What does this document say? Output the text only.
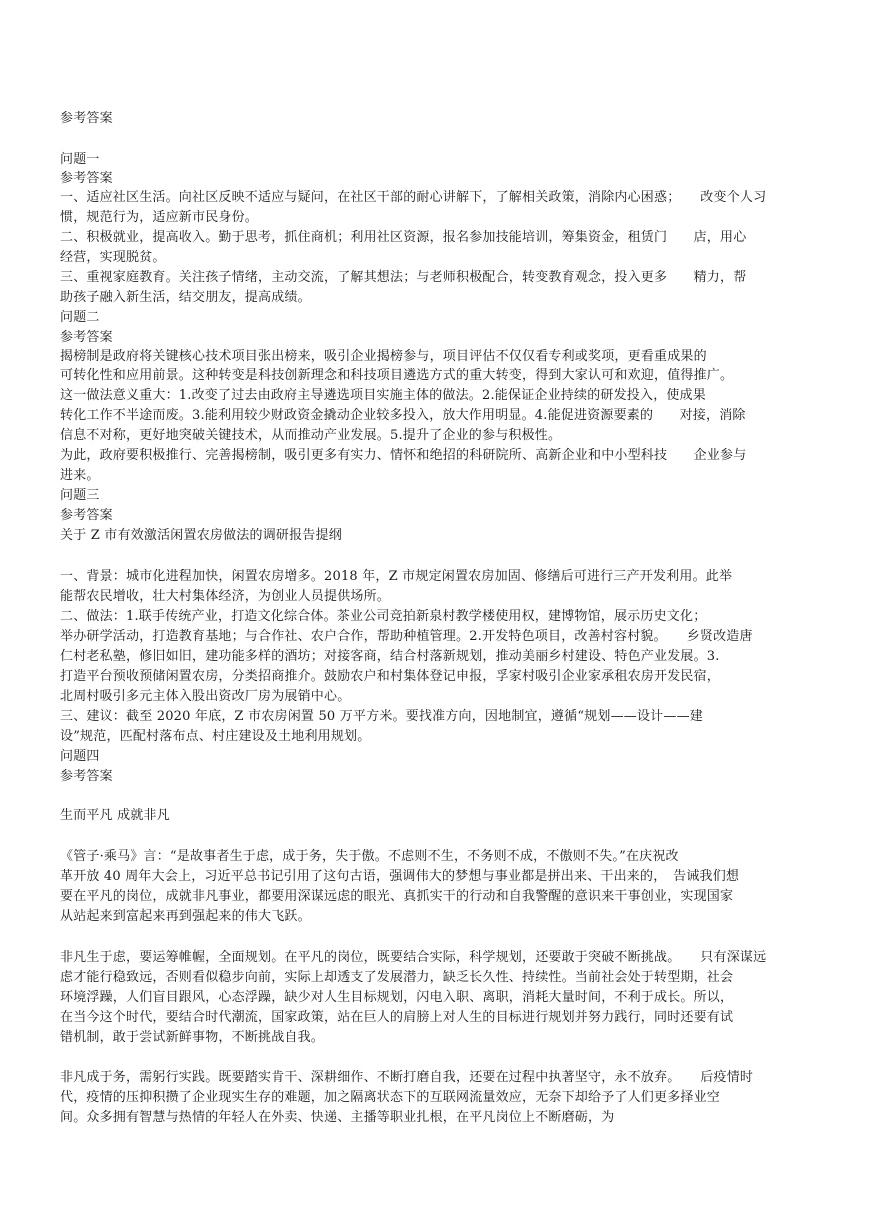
参考答案
问题一
参考答案
一、适应社区生活。向社区反映不适应与疑问，在社区干部的耐心讲解下，了解相关政策，消除内心困惑；　　改变个人习
惯，规范行为，适应新市民身份。
二、积极就业，提高收入。勤于思考，抓住商机；利用社区资源，报名参加技能培训，筹集资金，租赁门　　店，用心
经营，实现脱贫。
三、重视家庭教育。关注孩子情绪，主动交流，了解其想法；与老师积极配合，转变教育观念，投入更多　　精力，帮
助孩子融入新生活，结交朋友，提高成绩。
问题二
参考答案
揭榜制是政府将关键核心技术项目张出榜来，吸引企业揭榜参与，项目评估不仅仅看专利或奖项，更看重成果的
可转化性和应用前景。这种转变是科技创新理念和科技项目遴选方式的重大转变，得到大家认可和欢迎，值得推广。
这一做法意义重大：1.改变了过去由政府主导遴选项目实施主体的做法。2.能保证企业持续的研发投入，使成果
转化工作不半途而废。3.能利用较少财政资金撬动企业较多投入，放大作用明显。4.能促进资源要素的　　对接，消除
信息不对称，更好地突破关键技术，从而推动产业发展。5.提升了企业的参与积极性。
为此，政府要积极推行、完善揭榜制，吸引更多有实力、情怀和绝招的科研院所、高新企业和中小型科技　　企业参与
进来。
问题三
参考答案
关于 Z 市有效激活闲置农房做法的调研报告提纲
一、背景：城市化进程加快，闲置农房增多。2018 年，Z 市规定闲置农房加固、修缮后可进行三产开发利用。此举
能帮农民增收，壮大村集体经济，为创业人员提供场所。
二、做法：1.联手传统产业，打造文化综合体。茶业公司竞拍新泉村教学楼使用权，建博物馆，展示历史文化；
举办研学活动，打造教育基地；与合作社、农户合作，帮助种植管理。2.开发特色项目，改善村容村貌。　　乡贤改造唐
仁村老私塾，修旧如旧，建功能多样的酒坊；对接客商，结合村落新规划，推动美丽乡村建设、特色产业发展。3.
打造平台预收预储闲置农房，分类招商推介。鼓励农户和村集体登记申报，孚家村吸引企业家承租农房开发民宿，
北周村吸引多元主体入股出资改厂房为展销中心。
三、建议：截至 2020 年底，Z 市农房闲置 50 万平方米。要找准方向，因地制宜，遵循“规划——设计——建
设”规范，匹配村落布点、村庄建设及土地利用规划。
问题四
参考答案
生而平凡 成就非凡
《管子·乘马》言：“是故事者生于虑，成于务，失于傲。不虑则不生，不务则不成，不傲则不失。”在庆祝改
革开放 40 周年大会上，习近平总书记引用了这句古语，强调伟大的梦想与事业都是拼出来、干出来的，　告诫我们想
要在平凡的岗位，成就非凡事业，都要用深谋远虑的眼光、真抓实干的行动和自我警醒的意识来干事创业，实现国家
从站起来到富起来再到强起来的伟大飞跃。
非凡生于虑，要运筹帷幄，全面规划。在平凡的岗位，既要结合实际，科学规划，还要敢于突破不断挑战。　　只有深谋远
虑才能行稳致远，否则看似稳步向前，实际上却透支了发展潜力，缺乏长久性、持续性。当前社会处于转型期，社会
环境浮躁，人们盲目跟风，心态浮躁，缺少对人生目标规划，闪电入职、离职，消耗大量时间，不利于成长。所以，
在当今这个时代，要结合时代潮流，国家政策，站在巨人的肩膀上对人生的目标进行规划并努力践行，同时还要有试
错机制，敢于尝试新鲜事物，不断挑战自我。
非凡成于务，需躬行实践。既要踏实肯干、深耕细作、不断打磨自我，还要在过程中执著坚守，永不放弃。　　后疫情时
代，疫情的压抑积攒了企业现实生存的难题，加之隔离状态下的互联网流量效应，无奈下却给予了人们更多择业空
间。众多拥有智慧与热情的年轻人在外卖、快递、主播等职业扎根，在平凡岗位上不断磨砺，为
